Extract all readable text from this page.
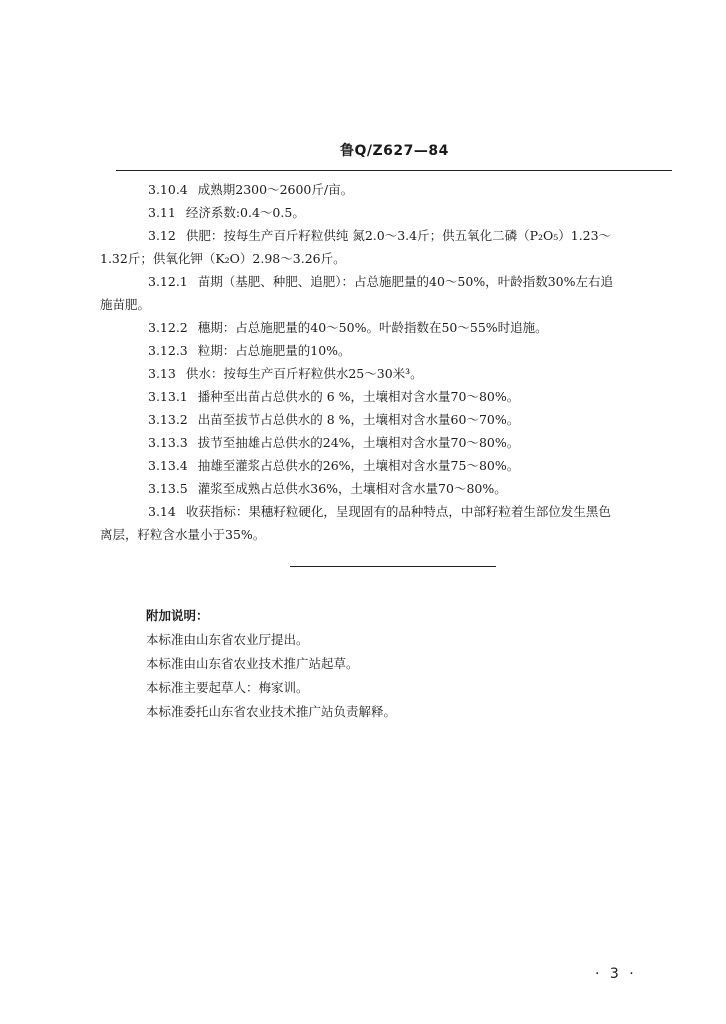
鲁Q/Z627—84

3.10.4 成熟期2300～2600斤/亩。

3.11 经济系数:0.4～0.5。

3.12 供肥：按每生产百斤籽粒供纯 氮2.0～3.4斤；供五氧化二磷（P₂O₅）1.23～
1.32斤；供氧化钾（K₂O）2.98～3.26斤。

3.12.1 苗期（基肥、种肥、追肥）：占总施肥量的40～50%，叶龄指数30%左右追
施苗肥。

3.12.2 穗期：占总施肥量的40～50%。叶龄指数在50～55%时追施。

3.12.3 粒期：占总施肥量的10%。

3.13 供水：按每生产百斤籽粒供水25～30米³。

3.13.1 播种至出苗占总供水的 6 %，土壤相对含水量70～80%。

3.13.2 出苗至拔节占总供水的 8 %，土壤相对含水量60～70%。

3.13.3 拔节至抽雄占总供水的24%，土壤相对含水量70～80%。

3.13.4 抽雄至灌浆占总供水的26%，土壤相对含水量75～80%。

3.13.5 灌浆至成熟占总供水36%，土壤相对含水量70～80%。

3.14 收获指标：果穗籽粒硬化，呈现固有的品种特点，中部籽粒着生部位发生黑色
离层，籽粒含水量小于35%。

附加说明：

本标准由山东省农业厅提出。

本标准由山东省农业技术推广站起草。

本标准主要起草人：梅家训。

本标准委托山东省农业技术推广站负责解释。

· 3 ·
